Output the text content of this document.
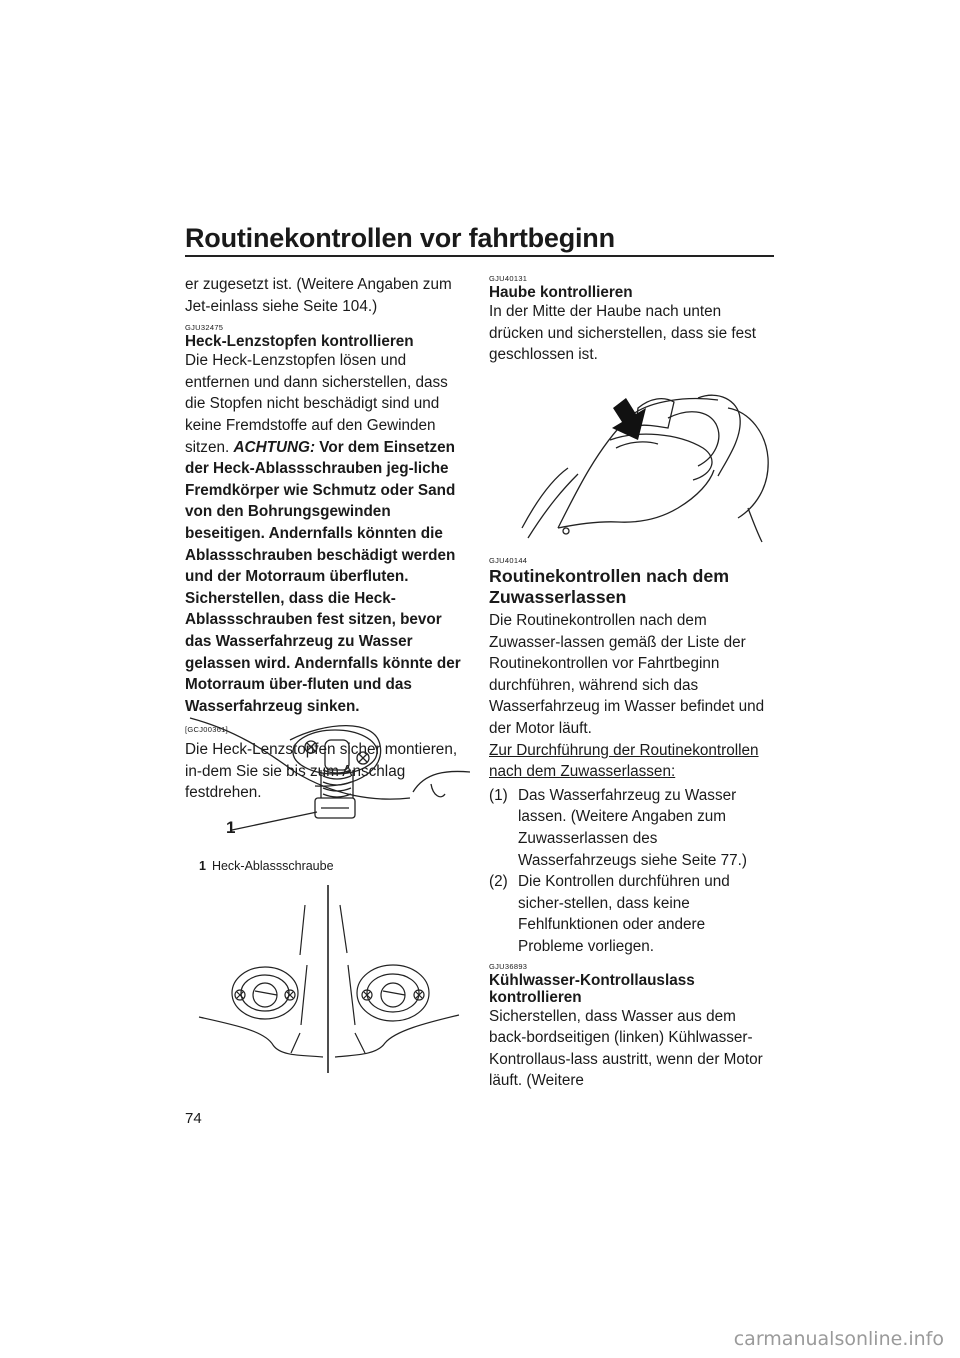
Routinekontrollen vor fahrtbeginn

er zugesetzt ist. (Weitere Angaben zum Jet-einlass siehe Seite 104.)

GJU32475
Heck-Lenzstopfen kontrollieren

Die Heck-Lenzstopfen lösen und entfernen und dann sicherstellen, dass die Stopfen nicht beschädigt sind und keine Fremdstoffe auf den Gewinden sitzen. ACHTUNG: Vor dem Einsetzen der Heck-Ablassschrauben jeg-liche Fremdkörper wie Schmutz oder Sand von den Bohrungsgewinden beseitigen. Andernfalls könnten die Ablassschrauben beschädigt werden und der Motorraum überfluten. Sicherstellen, dass die Heck-Ablassschrauben fest sitzen, bevor das Wasserfahrzeug zu Wasser gelassen wird. Andernfalls könnte der Motorraum über-fluten und das Wasserfahrzeug sinken.

[GCJ00361]

Die Heck-Lenzstopfen sicher montieren, in-dem Sie sie bis zum Anschlag festdrehen.

1
1 Heck-Ablassschraube
GJU40131
Haube kontrollieren

In der Mitte der Haube nach unten drücken und sicherstellen, dass sie fest geschlossen ist.

GJU40144
Routinekontrollen nach dem Zuwasserlassen

Die Routinekontrollen nach dem Zuwasser-lassen gemäß der Liste der Routinekontrollen vor Fahrtbeginn durchführen, während sich das Wasserfahrzeug im Wasser befindet und der Motor läuft.

Zur Durchführung der Routinekontrollen nach dem Zuwasserlassen:

(1) Das Wasserfahrzeug zu Wasser lassen. (Weitere Angaben zum Zuwasserlassen des Wasserfahrzeugs siehe Seite 77.)
(2) Die Kontrollen durchführen und sicher-stellen, dass keine Fehlfunktionen oder andere Probleme vorliegen.
GJU36893
Kühlwasser-Kontrollauslass kontrollieren

Sicherstellen, dass Wasser aus dem back-bordseitigen (linken) Kühlwasser-Kontrollaus-lass austritt, wenn der Motor läuft. (Weitere

74
carmanualsonline.info
